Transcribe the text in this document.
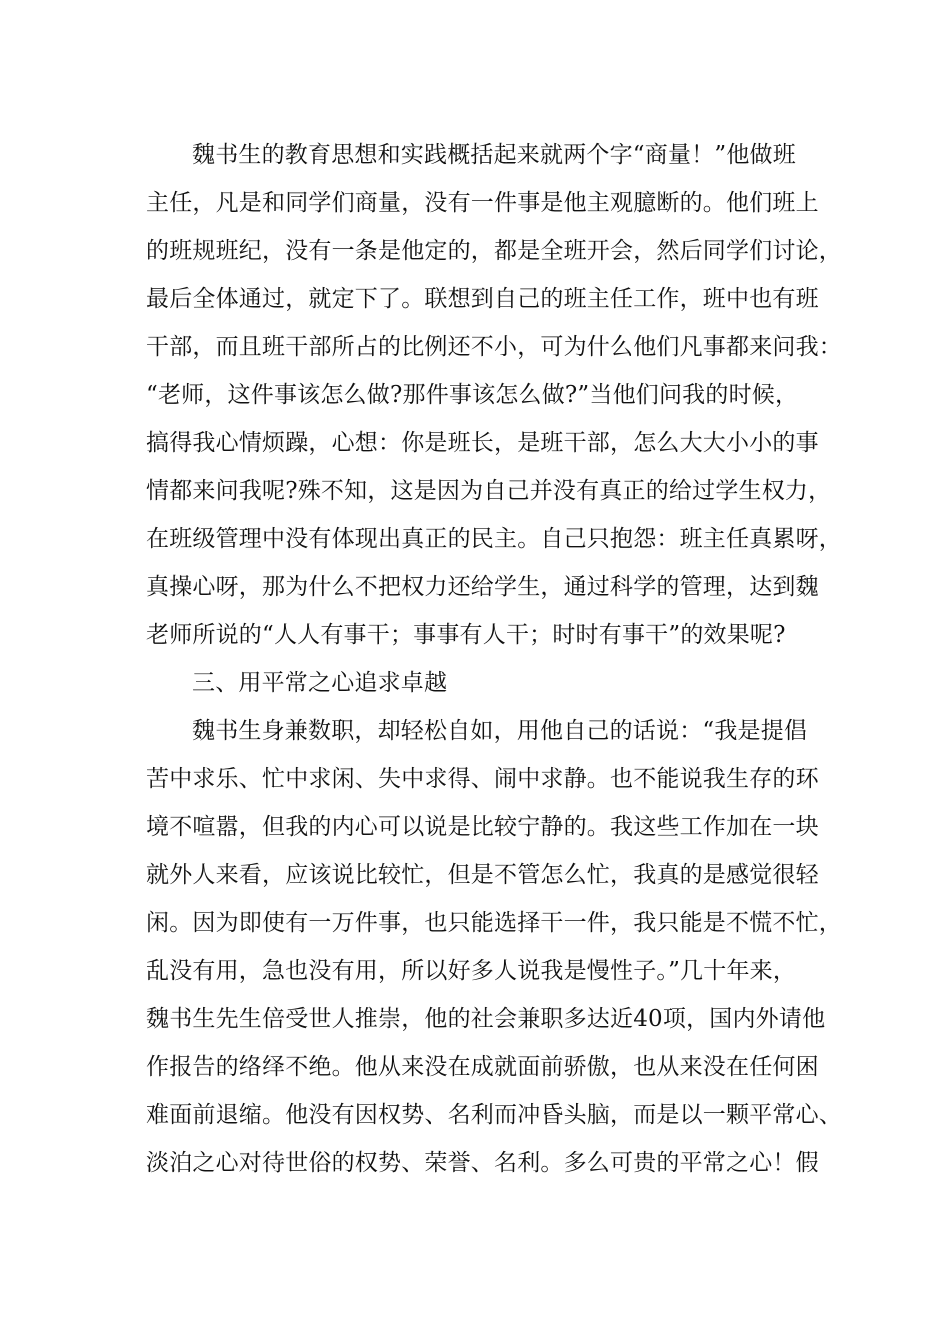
魏书生的教育思想和实践概括起来就两个字“商量！”他做班
主任，凡是和同学们商量，没有一件事是他主观臆断的。他们班上
的班规班纪，没有一条是他定的，都是全班开会，然后同学们讨论，
最后全体通过，就定下了。联想到自己的班主任工作，班中也有班
干部，而且班干部所占的比例还不小，可为什么他们凡事都来问我：
“老师，这件事该怎么做?那件事该怎么做?”当他们问我的时候，
搞得我心情烦躁，心想：你是班长，是班干部，怎么大大小小的事
情都来问我呢?殊不知，这是因为自己并没有真正的给过学生权力，
在班级管理中没有体现出真正的民主。自己只抱怨：班主任真累呀，
真操心呀，那为什么不把权力还给学生，通过科学的管理，达到魏
老师所说的“人人有事干；事事有人干；时时有事干”的效果呢?
三、用平常之心追求卓越
魏书生身兼数职，却轻松自如，用他自己的话说：“我是提倡
苦中求乐、忙中求闲、失中求得、闹中求静。也不能说我生存的环
境不喧嚣，但我的内心可以说是比较宁静的。我这些工作加在一块
就外人来看，应该说比较忙，但是不管怎么忙，我真的是感觉很轻
闲。因为即使有一万件事，也只能选择干一件，我只能是不慌不忙，
乱没有用，急也没有用，所以好多人说我是慢性子。”几十年来，
魏书生先生倍受世人推崇，他的社会兼职多达近40项，国内外请他
作报告的络绎不绝。他从来没在成就面前骄傲，也从来没在任何困
难面前退缩。他没有因权势、名利而冲昏头脑，而是以一颗平常心、
淡泊之心对待世俗的权势、荣誉、名利。多么可贵的平常之心！假
